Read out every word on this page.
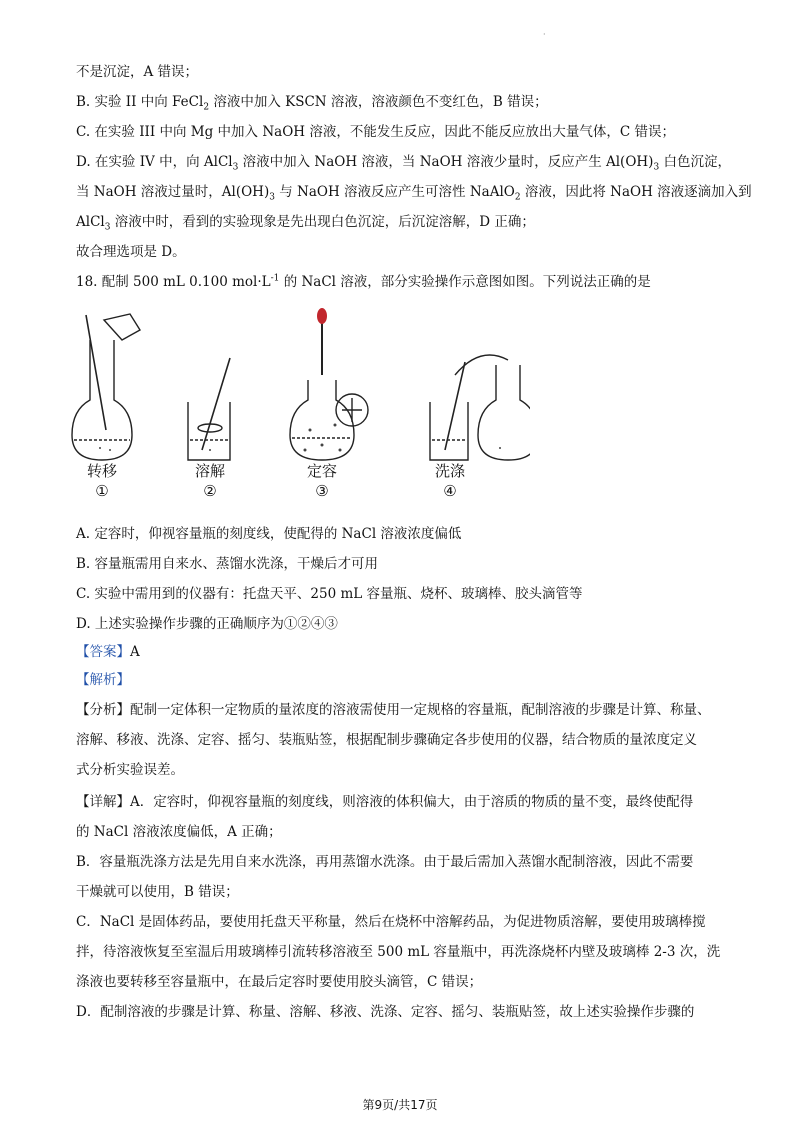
·
不是沉淀，A 错误；
B. 实验 II 中向 FeCl$_2$ 溶液中加入 KSCN 溶液，溶液颜色不变红色，B 错误；
C. 在实验 III 中向 Mg 中加入 NaOH 溶液，不能发生反应，因此不能反应放出大量气体，C 错误；
D. 在实验 IV 中，向 AlCl$_3$ 溶液中加入 NaOH 溶液，当 NaOH 溶液少量时，反应产生 $Al(OH)_3$ 白色沉淀，
当 NaOH 溶液过量时，$Al(OH)_3$ 与 NaOH 溶液反应产生可溶性 NaAlO$_2$ 溶液，因此将 NaOH 溶液逐滴加入到
AlCl$_3$ 溶液中时，看到的实验现象是先出现白色沉淀，后沉淀溶解，D 正确；
故合理选项是 D。
18. 配制 500 mL 0.100 $mol\cdot L^{-1}$ 的 NaCl 溶液，部分实验操作示意图如图。下列说法正确的是
转移	溶解	定容	洗涤
①	②	③	④
A. 定容时，仰视容量瓶的刻度线，使配得的 NaCl 溶液浓度偏低
B. 容量瓶需用自来水、蒸馏水洗涤，干燥后才可用
C. 实验中需用到的仪器有：托盘天平、250 mL 容量瓶、烧杯、玻璃棒、胶头滴管等
D. 上述实验操作步骤的正确顺序为①②④③
【答案】A
【解析】
【分析】配制一定体积一定物质的量浓度的溶液需使用一定规格的容量瓶，配制溶液的步骤是计算、称量、
溶解、移液、洗涤、定容、摇匀、装瓶贴签，根据配制步骤确定各步使用的仪器，结合物质的量浓度定义
式分析实验误差。
【详解】A．定容时，仰视容量瓶的刻度线，则溶液的体积偏大，由于溶质的物质的量不变，最终使配得
的 NaCl 溶液浓度偏低，A 正确；
B．容量瓶洗涤方法是先用自来水洗涤，再用蒸馏水洗涤。由于最后需加入蒸馏水配制溶液，因此不需要
干燥就可以使用，B 错误；
C．NaCl 是固体药品，要使用托盘天平称量，然后在烧杯中溶解药品，为促进物质溶解，要使用玻璃棒搅
拌，待溶液恢复至室温后用玻璃棒引流转移溶液至 500 mL 容量瓶中，再洗涤烧杯内壁及玻璃棒 2-3 次，洗
涤液也要转移至容量瓶中，在最后定容时要使用胶头滴管，C 错误；
D．配制溶液的步骤是计算、称量、溶解、移液、洗涤、定容、摇匀、装瓶贴签，故上述实验操作步骤的
第9页/共17页
